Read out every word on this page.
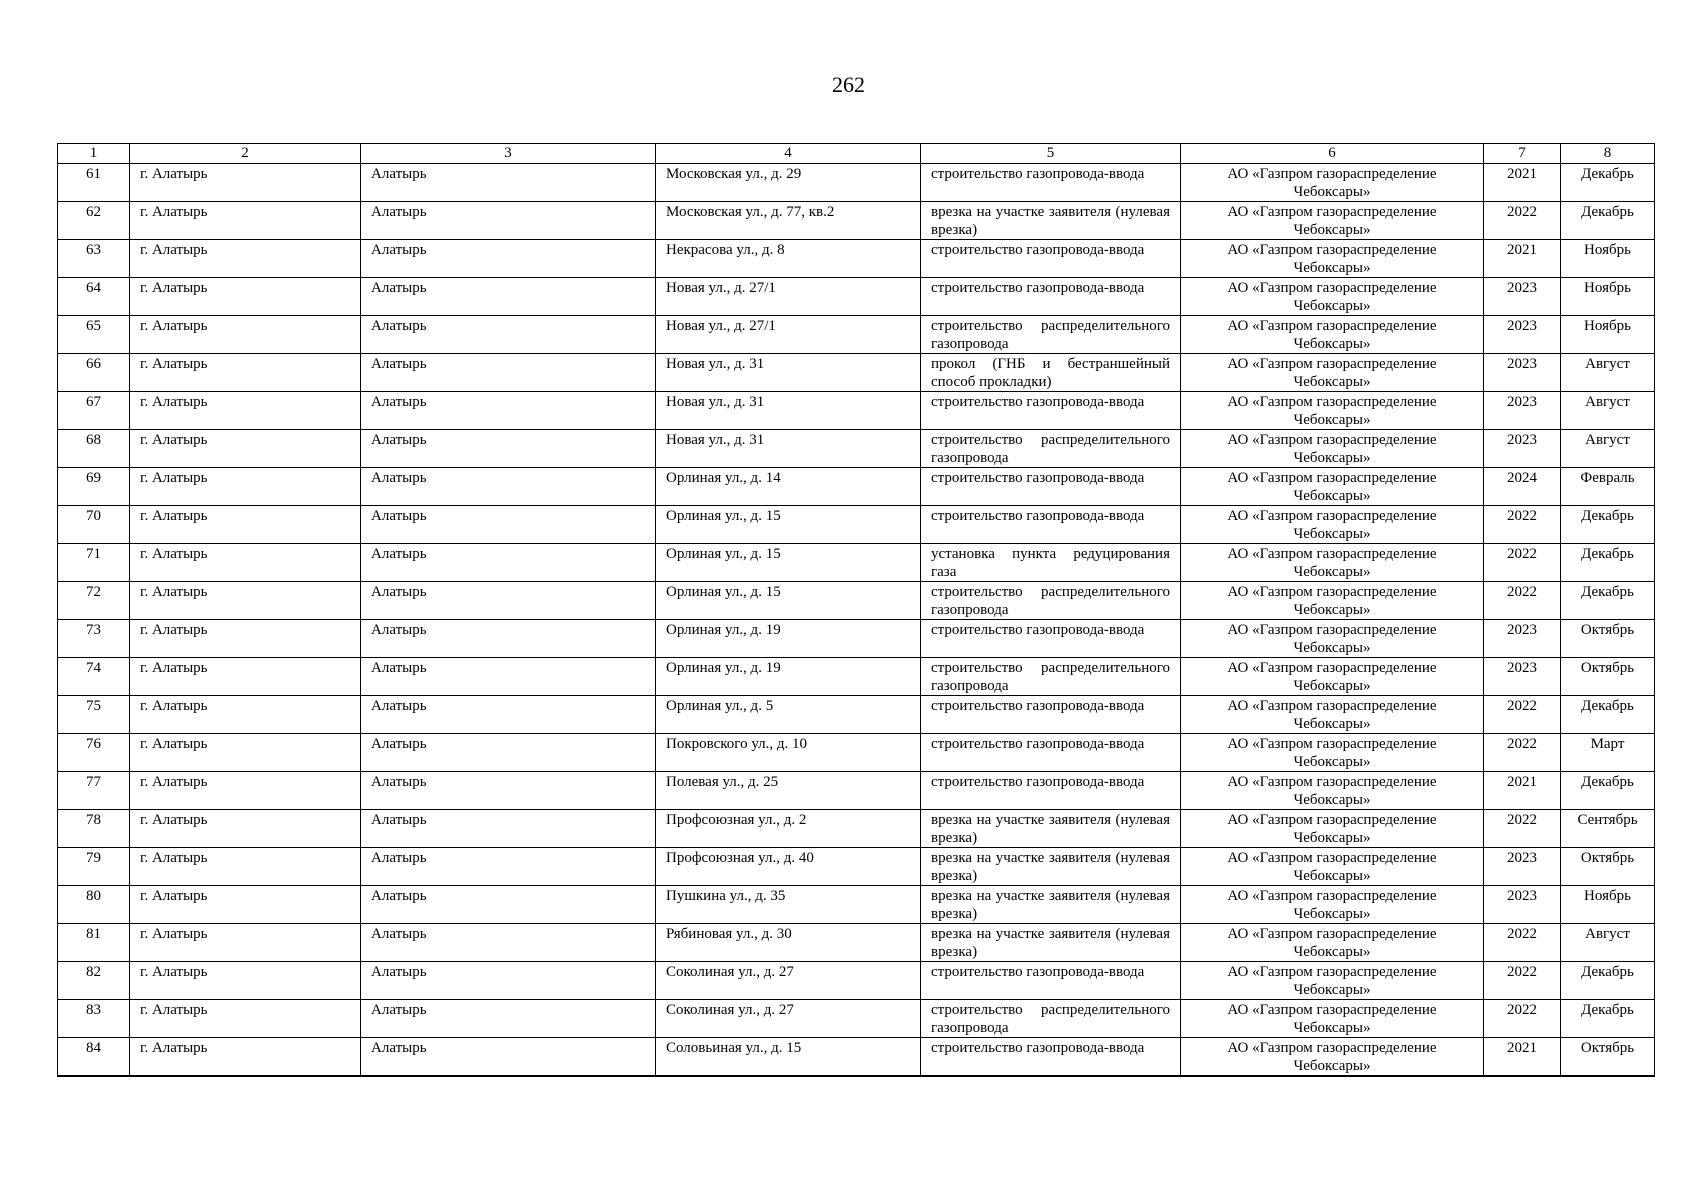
262
1	2	3	4	5	6	7	8
61	г. Алатырь	Алатырь	Московская ул., д. 29	строительство газопровода-ввода	АО «Газпром газораспределение Чебоксары»	2021	Декабрь
62	г. Алатырь	Алатырь	Московская ул., д. 77, кв.2	врезка на участке заявителя (нулевая врезка)	АО «Газпром газораспределение Чебоксары»	2022	Декабрь
63	г. Алатырь	Алатырь	Некрасова ул., д. 8	строительство газопровода-ввода	АО «Газпром газораспределение Чебоксары»	2021	Ноябрь
64	г. Алатырь	Алатырь	Новая ул., д. 27/1	строительство газопровода-ввода	АО «Газпром газораспределение Чебоксары»	2023	Ноябрь
65	г. Алатырь	Алатырь	Новая ул., д. 27/1	строительство распределительного газопровода	АО «Газпром газораспределение Чебоксары»	2023	Ноябрь
66	г. Алатырь	Алатырь	Новая ул., д. 31	прокол (ГНБ и бестраншейный способ прокладки)	АО «Газпром газораспределение Чебоксары»	2023	Август
67	г. Алатырь	Алатырь	Новая ул., д. 31	строительство газопровода-ввода	АО «Газпром газораспределение Чебоксары»	2023	Август
68	г. Алатырь	Алатырь	Новая ул., д. 31	строительство распределительного газопровода	АО «Газпром газораспределение Чебоксары»	2023	Август
69	г. Алатырь	Алатырь	Орлиная ул., д. 14	строительство газопровода-ввода	АО «Газпром газораспределение Чебоксары»	2024	Февраль
70	г. Алатырь	Алатырь	Орлиная ул., д. 15	строительство газопровода-ввода	АО «Газпром газораспределение Чебоксары»	2022	Декабрь
71	г. Алатырь	Алатырь	Орлиная ул., д. 15	установка пункта редуцирования газа	АО «Газпром газораспределение Чебоксары»	2022	Декабрь
72	г. Алатырь	Алатырь	Орлиная ул., д. 15	строительство распределительного газопровода	АО «Газпром газораспределение Чебоксары»	2022	Декабрь
73	г. Алатырь	Алатырь	Орлиная ул., д. 19	строительство газопровода-ввода	АО «Газпром газораспределение Чебоксары»	2023	Октябрь
74	г. Алатырь	Алатырь	Орлиная ул., д. 19	строительство распределительного газопровода	АО «Газпром газораспределение Чебоксары»	2023	Октябрь
75	г. Алатырь	Алатырь	Орлиная ул., д. 5	строительство газопровода-ввода	АО «Газпром газораспределение Чебоксары»	2022	Декабрь
76	г. Алатырь	Алатырь	Покровского ул., д. 10	строительство газопровода-ввода	АО «Газпром газораспределение Чебоксары»	2022	Март
77	г. Алатырь	Алатырь	Полевая ул., д. 25	строительство газопровода-ввода	АО «Газпром газораспределение Чебоксары»	2021	Декабрь
78	г. Алатырь	Алатырь	Профсоюзная ул., д. 2	врезка на участке заявителя (нулевая врезка)	АО «Газпром газораспределение Чебоксары»	2022	Сентябрь
79	г. Алатырь	Алатырь	Профсоюзная ул., д. 40	врезка на участке заявителя (нулевая врезка)	АО «Газпром газораспределение Чебоксары»	2023	Октябрь
80	г. Алатырь	Алатырь	Пушкина ул., д. 35	врезка на участке заявителя (нулевая врезка)	АО «Газпром газораспределение Чебоксары»	2023	Ноябрь
81	г. Алатырь	Алатырь	Рябиновая ул., д. 30	врезка на участке заявителя (нулевая врезка)	АО «Газпром газораспределение Чебоксары»	2022	Август
82	г. Алатырь	Алатырь	Соколиная ул., д. 27	строительство газопровода-ввода	АО «Газпром газораспределение Чебоксары»	2022	Декабрь
83	г. Алатырь	Алатырь	Соколиная ул., д. 27	строительство распределительного газопровода	АО «Газпром газораспределение Чебоксары»	2022	Декабрь
84	г. Алатырь	Алатырь	Соловьиная ул., д. 15	строительство газопровода-ввода	АО «Газпром газораспределение Чебоксары»	2021	Октябрь
